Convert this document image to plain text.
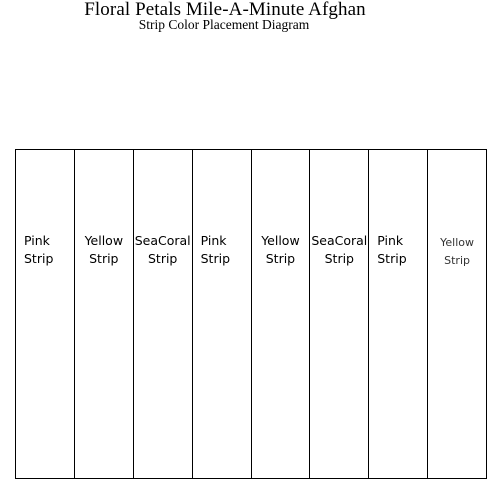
Floral Petals Mile-A-Minute Afghan
Strip Color Placement Diagram
Pink
Strip
Yellow
Strip
SeaCoral
Strip
Pink
Strip
Yellow
Strip
SeaCoral
Strip
Pink
Strip
Yellow
Strip
